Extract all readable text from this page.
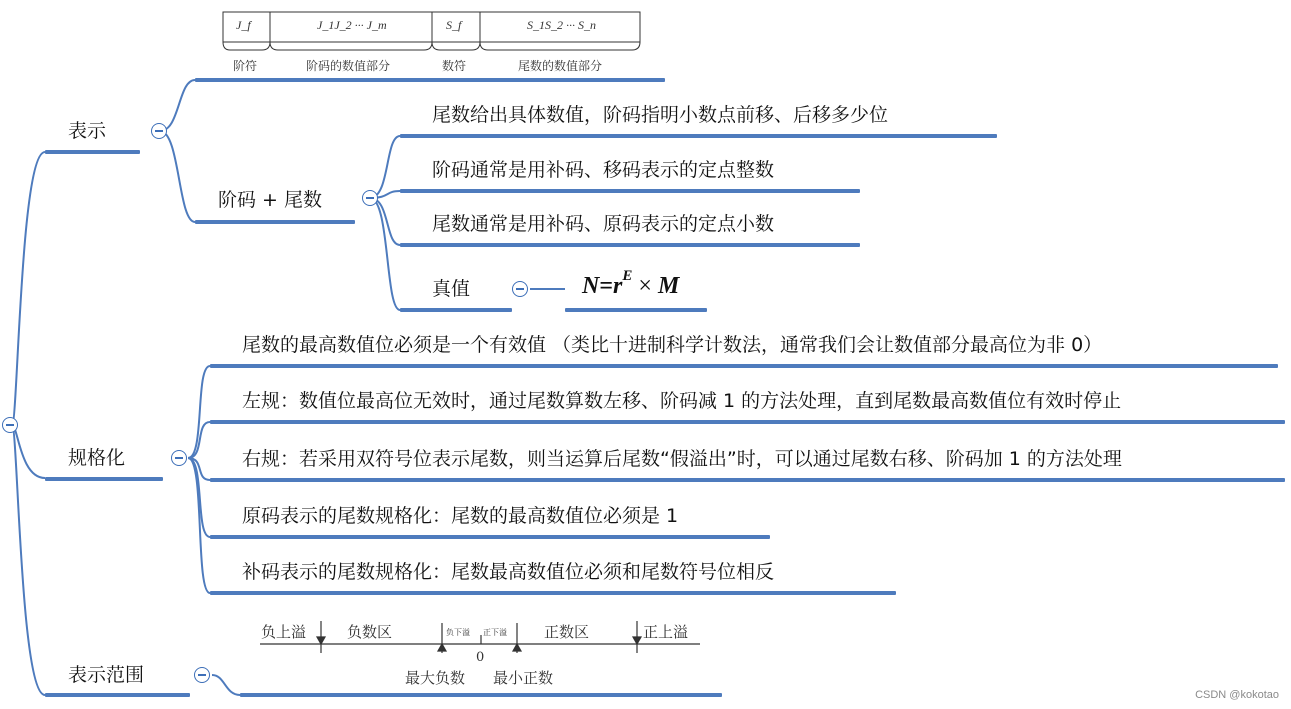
表示
J_f	J_1J_2 ··· J_m	S_f	S_1S_2 ··· S_n
阶符	阶码的数值部分	数符	尾数的数值部分
阶码 + 尾数
尾数给出具体数值，阶码指明小数点前移、后移多少位
阶码通常是用补码、移码表示的定点整数
尾数通常是用补码、原码表示的定点小数
真值	$N=r^E \times M$
规格化
尾数的最高数值位必须是一个有效值 （类比十进制科学计数法，通常我们会让数值部分最高位为非 0）
左规：数值位最高位无效时，通过尾数算数左移、阶码减 1 的方法处理，直到尾数最高数值位有效时停止
右规：若采用双符号位表示尾数，则当运算后尾数“假溢出”时，可以通过尾数右移、阶码加 1 的方法处理
原码表示的尾数规格化：尾数的最高数值位必须是 1
补码表示的尾数规格化：尾数最高数值位必须和尾数符号位相反
表示范围
负上溢	负数区	负下溢 正下溢 正数区	正上溢
0
最大负数 最小正数
CSDN @kokotao
